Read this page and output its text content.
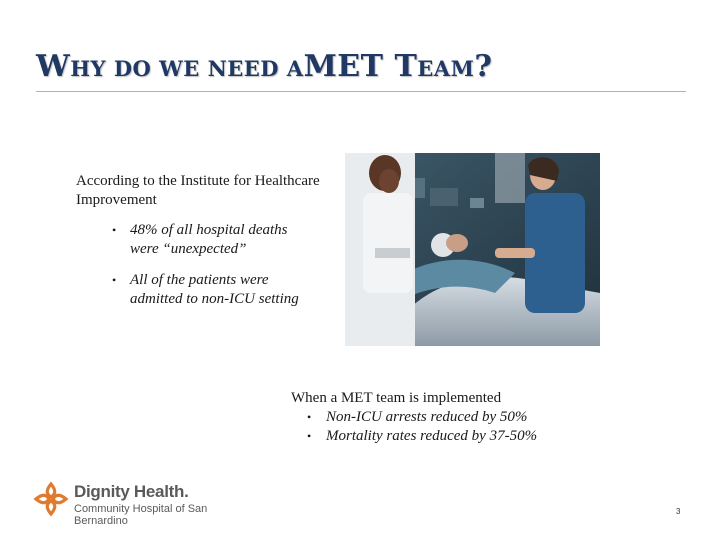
WHY DO WE NEED AMET TEAM?
According to the Institute for Healthcare Improvement
• 48% of all hospital deaths were “unexpected”
• All of the patients were admitted to non-ICU setting
When a MET team is implemented
• Non-ICU arrests reduced by 50%
• Mortality rates reduced by 37-50%
Dignity Health.
Community Hospital of San Bernardino
3
